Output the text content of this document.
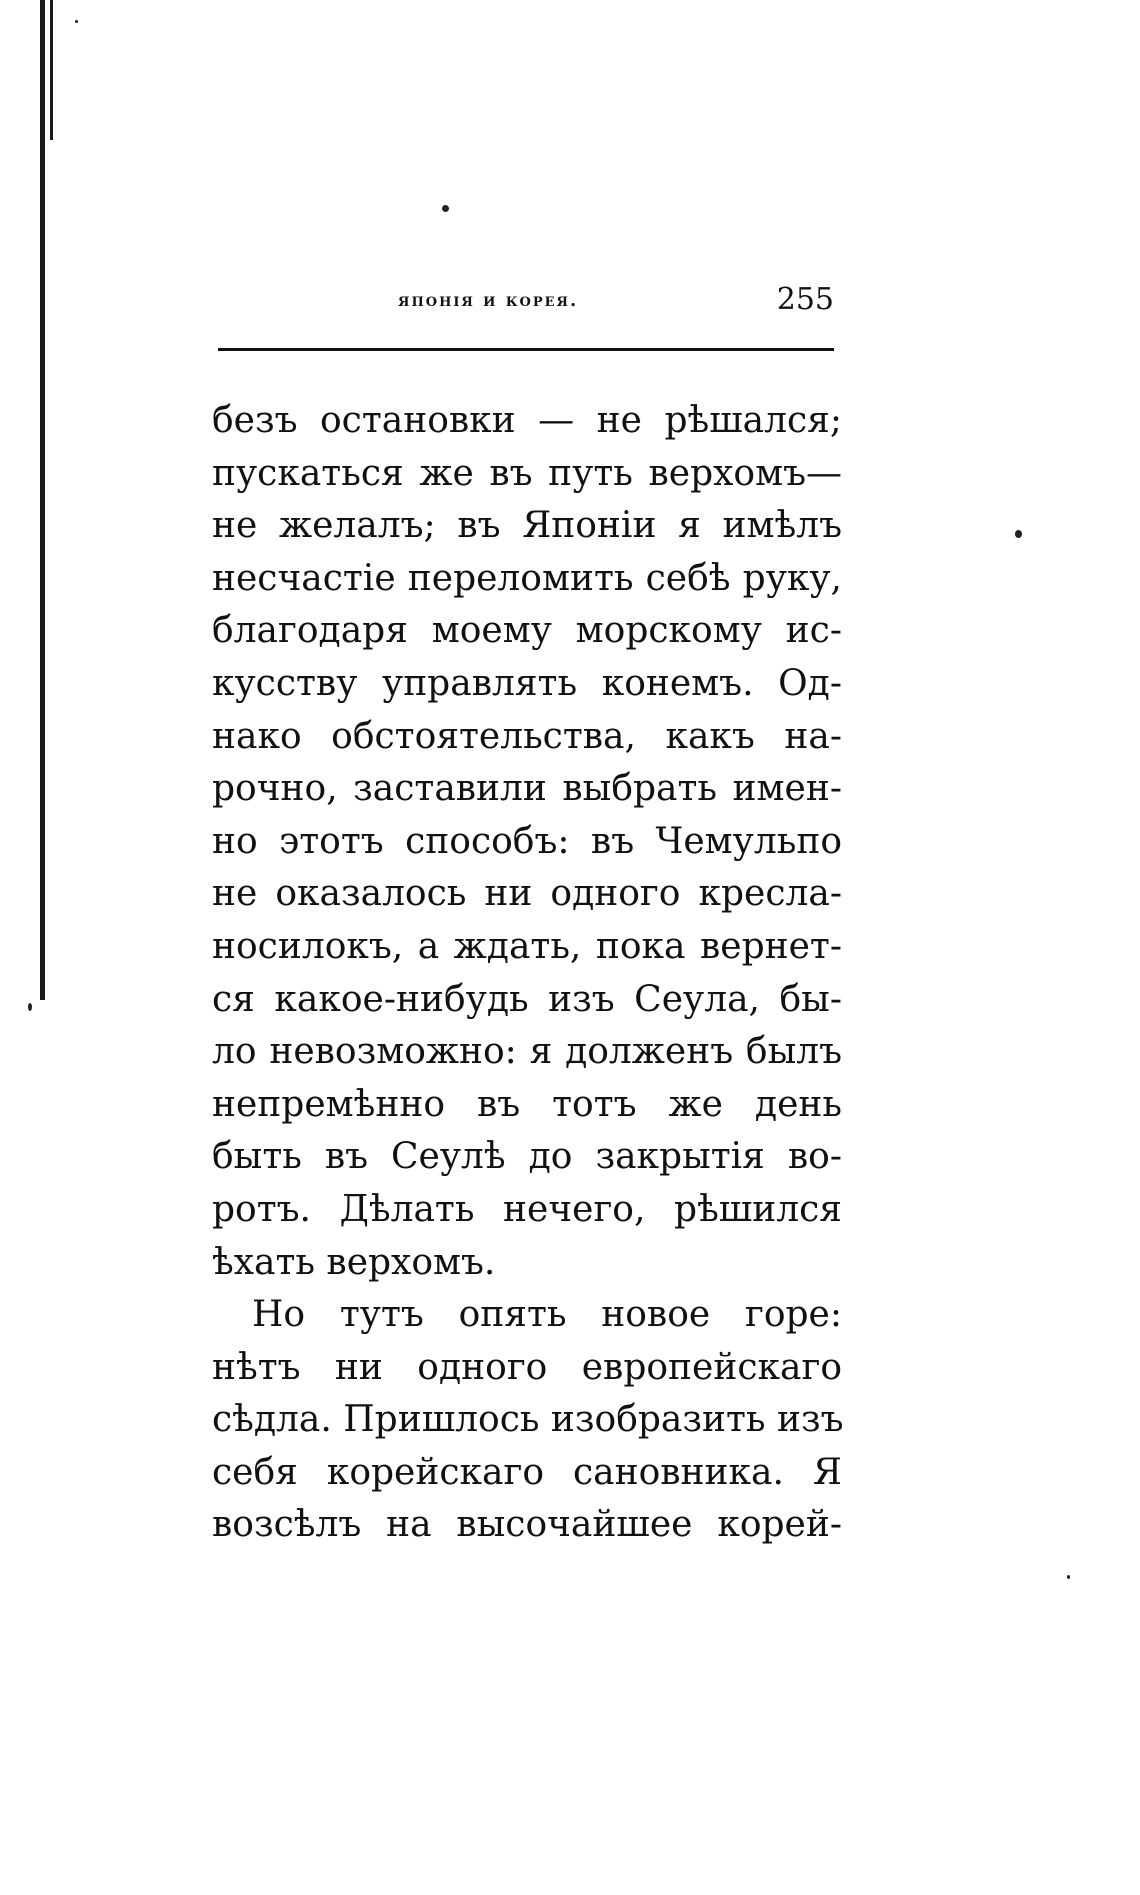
японія и корея.	255
безъ остановки — не рѣшался;
пускаться же въ путь верхомъ—
не желалъ; въ Японіи я имѣлъ
несчастіе переломить себѣ руку,
благодаря моему морскому ис-
кусству управлять конемъ. Од-
нако обстоятельства, какъ на-
рочно, заставили выбрать имен-
но этотъ способъ: въ Чемульпо
не оказалось ни одного кресла-
носилокъ, а ждать, пока вернет-
ся какое-нибудь изъ Сеула, бы-
ло невозможно: я долженъ былъ
непремѣнно въ тотъ же день
быть въ Сеулѣ до закрытія во-
ротъ. Дѣлать нечего, рѣшился
ѣхать верхомъ.
Но тутъ опять новое горе:
нѣтъ ни одного европейскаго
сѣдла. Пришлось изобразить изъ
себя корейскаго сановника. Я
возсѣлъ на высочайшее корей-
